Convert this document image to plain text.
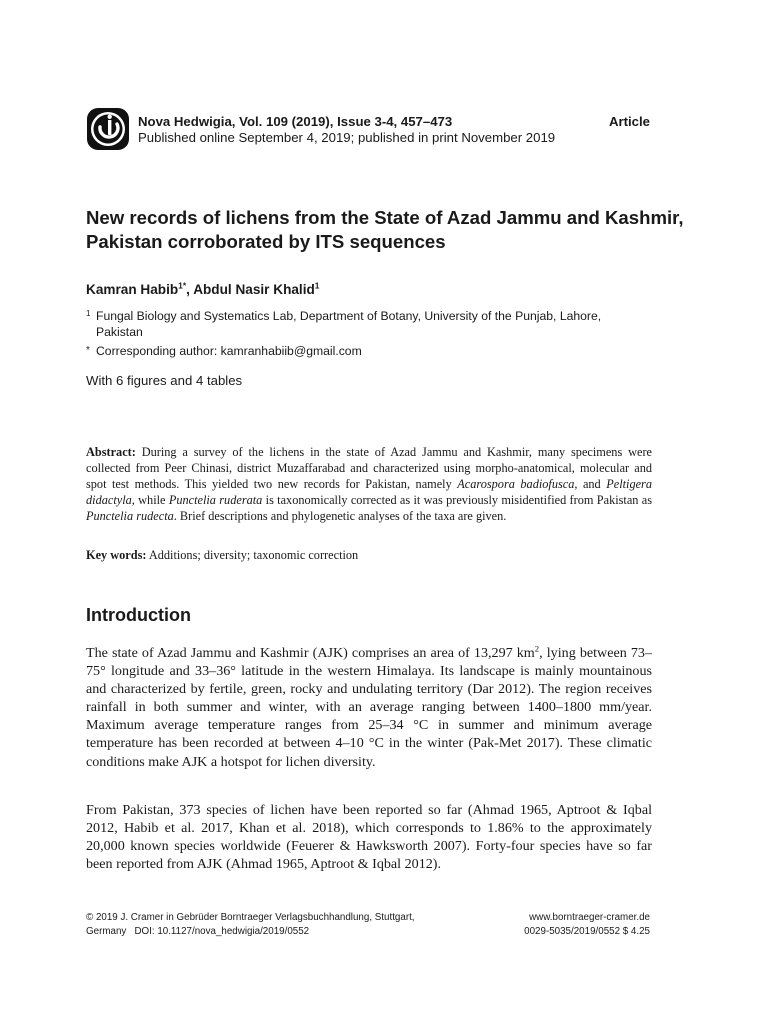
Nova Hedwigia, Vol. 109 (2019), Issue 3-4, 457–473	Article
Published online September 4, 2019; published in print November 2019
New records of lichens from the State of Azad Jammu and Kashmir, Pakistan corroborated by ITS sequences
Kamran Habib$^{1*}$, Abdul Nasir Khalid$^1$
1 Fungal Biology and Systematics Lab, Department of Botany, University of the Punjab, Lahore, Pakistan
* Corresponding author: kamranhabiib@gmail.com
With 6 figures and 4 tables

Abstract: During a survey of the lichens in the state of Azad Jammu and Kashmir, many specimens were collected from Peer Chinasi, district Muzaffarabad and characterized using morpho-anatomical, molecular and spot test methods. This yielded two new records for Pakistan, namely Acarospora badiofusca, and Peltigera didactyla, while Punctelia ruderata is taxonomically corrected as it was previously misidentified from Pakistan as Punctelia rudecta. Brief descriptions and phylogenetic analyses of the taxa are given.

Key words: Additions; diversity; taxonomic correction

Introduction

The state of Azad Jammu and Kashmir (AJK) comprises an area of 13,297 $km^2$, lying between 73–75° longitude and 33–36° latitude in the western Himalaya. Its landscape is mainly mountainous and characterized by fertile, green, rocky and undulating territory (Dar 2012). The region receives rainfall in both summer and winter, with an average ranging between 1400–1800 mm/year. Maximum average temperature ranges from 25–34 °C in summer and minimum average temperature has been recorded at between 4–10 °C in the winter (Pak-Met 2017). These climatic conditions make AJK a hotspot for lichen diversity.

From Pakistan, 373 species of lichen have been reported so far (Ahmad 1965, Aptroot & Iqbal 2012, Habib et al. 2017, Khan et al. 2018), which corresponds to 1.86% to the approximately 20,000 known species worldwide (Feuerer & Hawksworth 2007). Forty-four species have so far been reported from AJK (Ahmad 1965, Aptroot & Iqbal 2012).

© 2019 J. Cramer in Gebrüder Borntraeger Verlagsbuchhandlung, Stuttgart,
Germany   DOI: 10.1127/nova_hedwigia/2019/0552
www.borntraeger-cramer.de
0029-5035/2019/0552 $ 4.25
